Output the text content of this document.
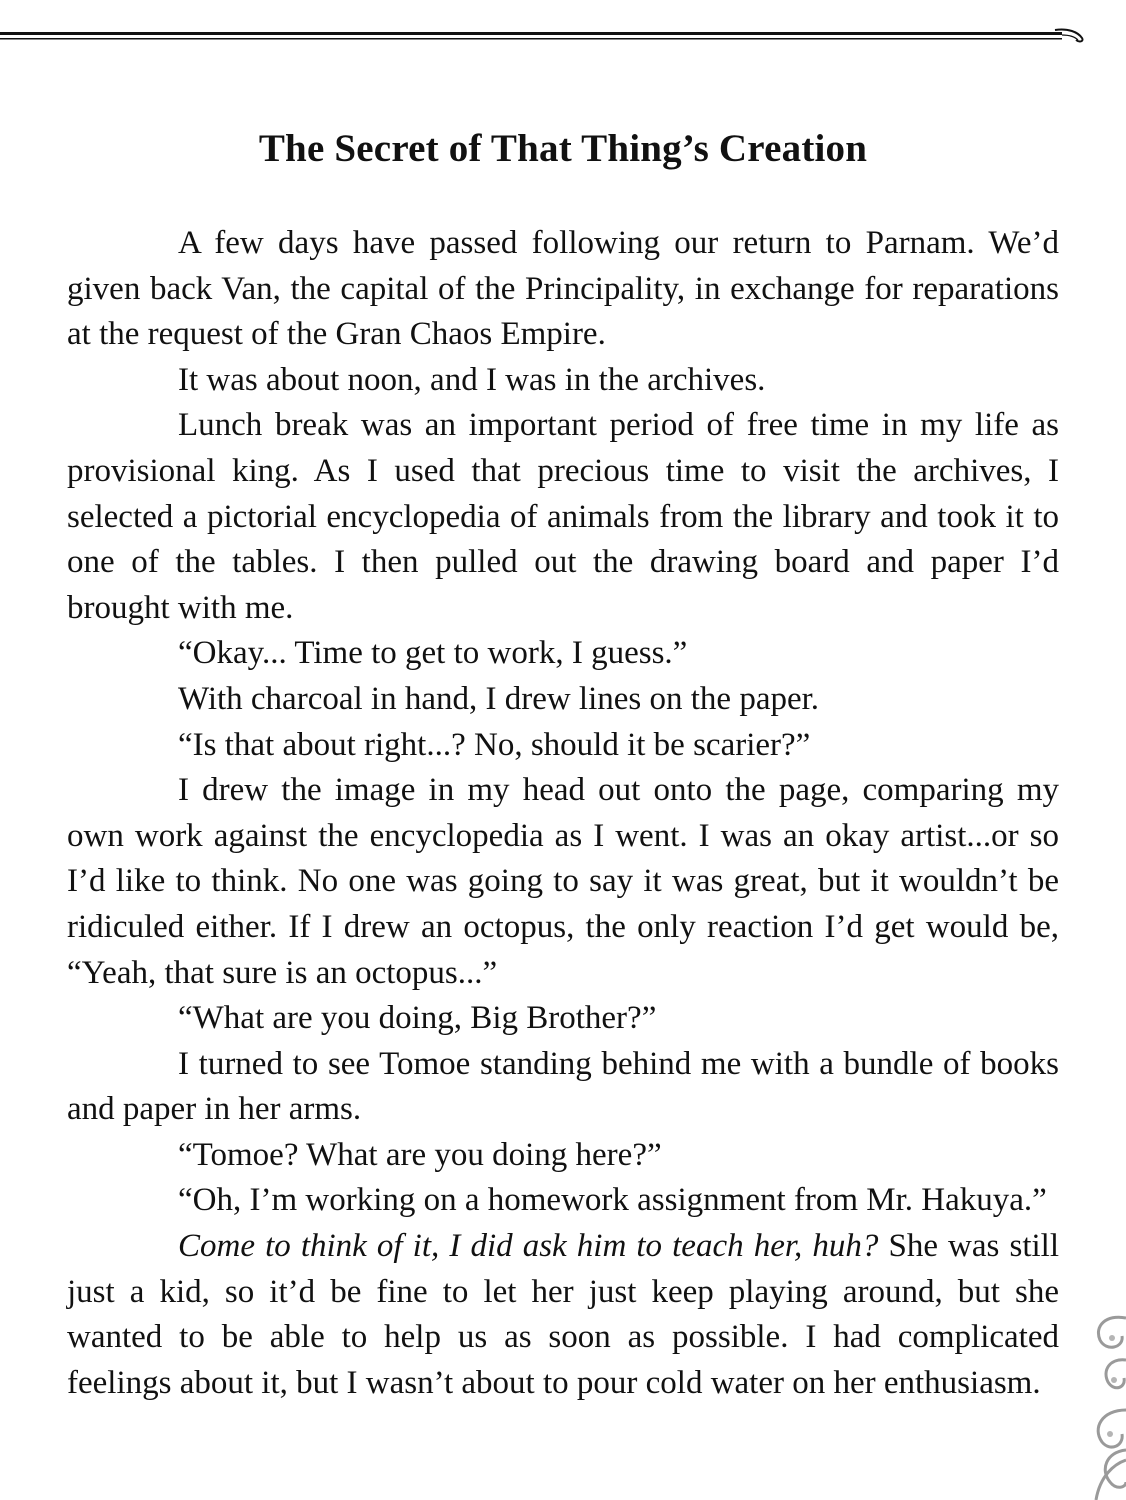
The Secret of That Thing’s Creation

A few days have passed following our return to Parnam. We’d given back Van, the capital of the Principality, in exchange for reparations at the request of the Gran Chaos Empire.

It was about noon, and I was in the archives.

Lunch break was an important period of free time in my life as provisional king. As I used that precious time to visit the archives, I selected a pictorial encyclopedia of animals from the library and took it to one of the tables. I then pulled out the drawing board and paper I’d brought with me.

“Okay... Time to get to work, I guess.”

With charcoal in hand, I drew lines on the paper.

“Is that about right...? No, should it be scarier?”

I drew the image in my head out onto the page, comparing my own work against the encyclopedia as I went. I was an okay artist...or so I’d like to think. No one was going to say it was great, but it wouldn’t be ridiculed either. If I drew an octopus, the only reaction I’d get would be, “Yeah, that sure is an octopus...”

“What are you doing, Big Brother?”

I turned to see Tomoe standing behind me with a bundle of books and paper in her arms.

“Tomoe? What are you doing here?”

“Oh, I’m working on a homework assignment from Mr. Hakuya.”

Come to think of it, I did ask him to teach her, huh? She was still just a kid, so it’d be fine to let her just keep playing around, but she wanted to be able to help us as soon as possible. I had complicated feelings about it, but I wasn’t about to pour cold water on her enthusiasm.
